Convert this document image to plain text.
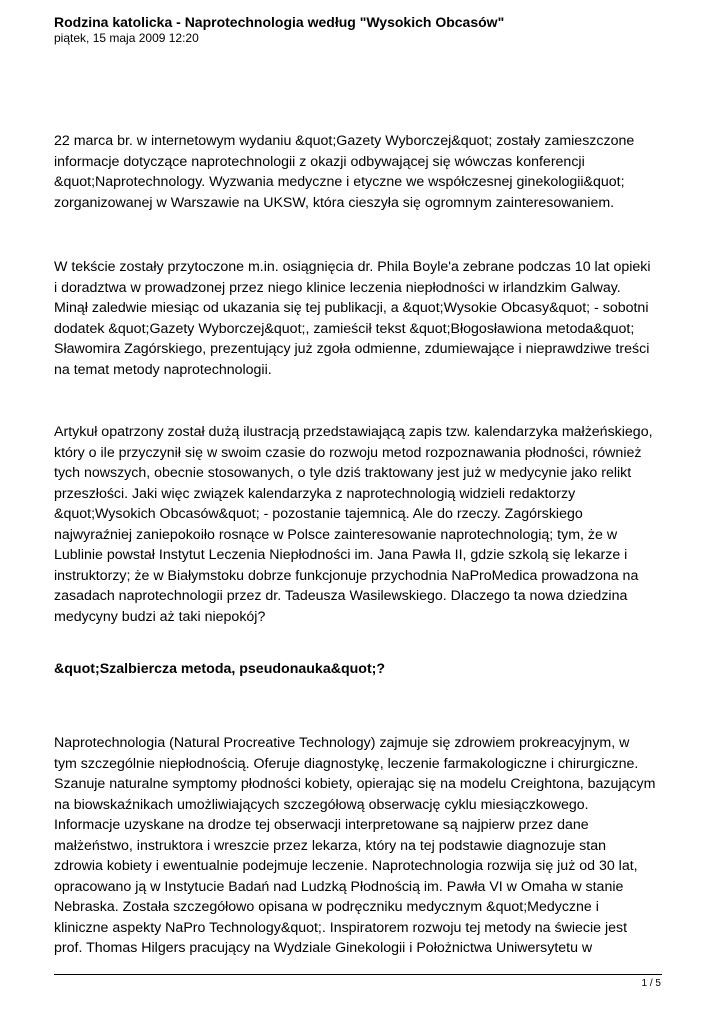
Rodzina katolicka - Naprotechnologia według "Wysokich Obcasów"

piątek, 15 maja 2009 12:20

22 marca br. w internetowym wydaniu &quot;Gazety Wyborczej&quot; zostały zamieszczone
informacje dotyczące naprotechnologii z okazji odbywającej się wówczas konferencji
&quot;Naprotechnology. Wyzwania medyczne i etyczne we współczesnej ginekologii&quot;
zorganizowanej w Warszawie na UKSW, która cieszyła się ogromnym zainteresowaniem.

W tekście zostały przytoczone m.in. osiągnięcia dr. Phila Boyle'a zebrane podczas 10 lat opieki
i doradztwa w prowadzonej przez niego klinice leczenia niepłodności w irlandzkim Galway.
Minął zaledwie miesiąc od ukazania się tej publikacji, a &quot;Wysokie Obcasy&quot; - sobotni
dodatek &quot;Gazety Wyborczej&quot;, zamieścił tekst &quot;Błogosławiona metoda&quot;
Sławomira Zagórskiego, prezentujący już zgoła odmienne, zdumiewające i nieprawdziwe treści
na temat metody naprotechnologii.

Artykuł opatrzony został dużą ilustracją przedstawiającą zapis tzw. kalendarzyka małżeńskiego,
który o ile przyczynił się w swoim czasie do rozwoju metod rozpoznawania płodności, również
tych nowszych, obecnie stosowanych, o tyle dziś traktowany jest już w medycynie jako relikt
przeszłości. Jaki więc związek kalendarzyka z naprotechnologią widzieli redaktorzy
&quot;Wysokich Obcasów&quot; - pozostanie tajemnicą. Ale do rzeczy. Zagórskiego
najwyraźniej zaniepokoiło rosnące w Polsce zainteresowanie naprotechnologią; tym, że w
Lublinie powstał Instytut Leczenia Niepłodności im. Jana Pawła II, gdzie szkolą się lekarze i
instruktorzy; że w Białymstoku dobrze funkcjonuje przychodnia NaProMedica prowadzona na
zasadach naprotechnologii przez dr. Tadeusza Wasilewskiego. Dlaczego ta nowa dziedzina
medycyny budzi aż taki niepokój?

&quot;Szalbiercza metoda, pseudonauka&quot;?

Naprotechnologia (Natural Procreative Technology) zajmuje się zdrowiem prokreacyjnym, w
tym szczególnie niepłodnością. Oferuje diagnostykę, leczenie farmakologiczne i chirurgiczne.
Szanuje naturalne symptomy płodności kobiety, opierając się na modelu Creightona, bazującym
na biowskaźnikach umożliwiających szczegółową obserwację cyklu miesiączkowego.
Informacje uzyskane na drodze tej obserwacji interpretowane są najpierw przez dane
małżeństwo, instruktora i wreszcie przez lekarza, który na tej podstawie diagnozuje stan
zdrowia kobiety i ewentualnie podejmuje leczenie. Naprotechnologia rozwija się już od 30 lat,
opracowano ją w Instytucie Badań nad Ludzką Płodnością im. Pawła VI w Omaha w stanie
Nebraska. Została szczegółowo opisana w podręczniku medycznym &quot;Medyczne i
kliniczne aspekty NaPro Technology&quot;. Inspiratorem rozwoju tej metody na świecie jest
prof. Thomas Hilgers pracujący na Wydziale Ginekologii i Położnictwa Uniwersytetu w

1 / 5
